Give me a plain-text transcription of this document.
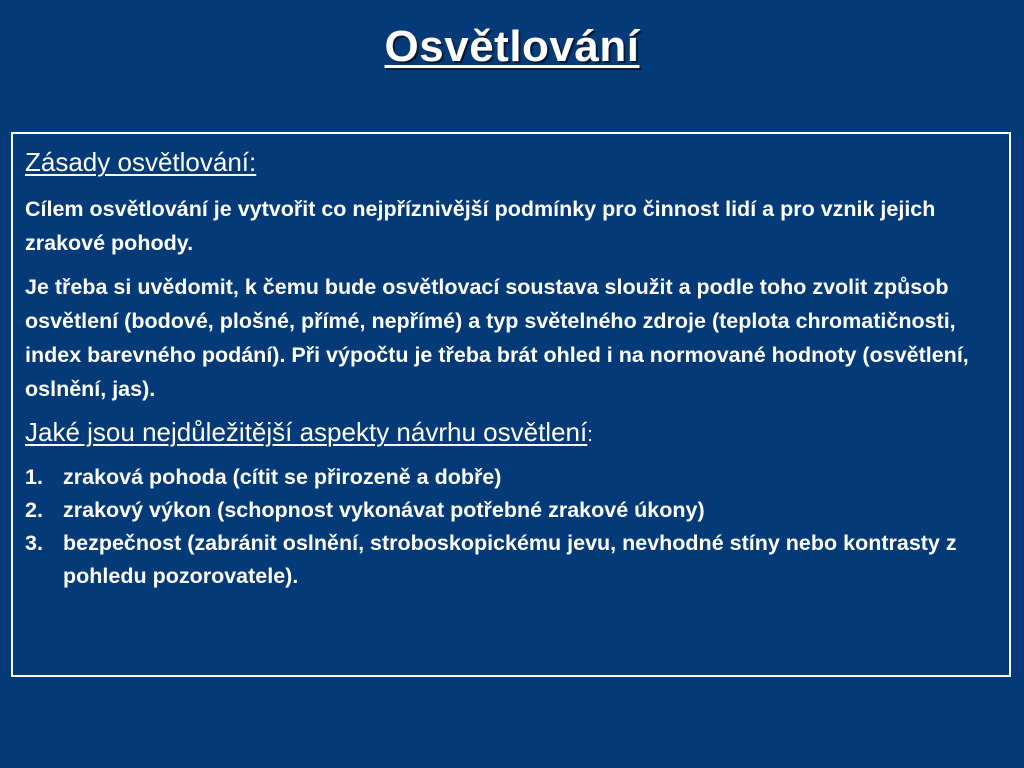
Osvětlování
Zásady osvětlování:

Cílem osvětlování je vytvořit co nejpříznivější podmínky pro činnost lidí a pro vznik jejich zrakové pohody.

Je třeba si uvědomit, k čemu bude osvětlovací soustava sloužit a podle toho zvolit způsob osvětlení (bodové, plošné, přímé, nepřímé) a typ světelného zdroje (teplota chromatičnosti, index barevného podání). Při výpočtu je třeba brát ohled i na normované hodnoty (osvětlení, oslnění, jas).

Jaké jsou nejdůležitější aspekty návrhu osvětlení:
1. zraková pohoda (cítit se přirozeně a dobře)
2. zrakový výkon (schopnost vykonávat potřebné zrakové úkony)
3. bezpečnost (zabránit oslnění, stroboskopickému jevu, nevhodné stíny nebo kontrasty z pohledu pozorovatele).
